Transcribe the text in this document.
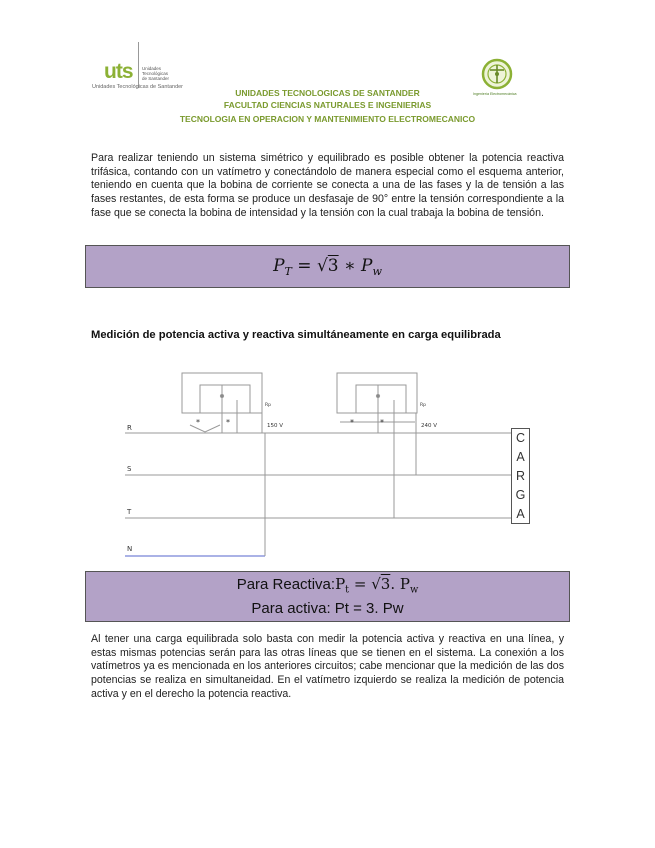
uts Unidades
Tecnológicas
de Santander
Unidades Tecnológicas de Santander
UNIDADES TECNOLOGICAS DE SANTANDER
FACULTAD CIENCIAS NATURALES E INGENIERIAS
TECNOLOGIA EN OPERACION Y MANTENIMIENTO ELECTROMECANICO
Ingeniería Electromecánica
Para realizar teniendo un sistema simétrico y equilibrado es posible obtener la potencia reactiva trifásica, contando con un vatímetro y conectándolo de manera especial como el esquema anterior, teniendo en cuenta que la bobina de corriente se conecta a una de las fases y la de tensión a las fases restantes, de esta forma se produce un desfasaje de 90° entre la tensión correspondiente a la fase que se conecta la bobina de intensidad y la tensión con la cual trabaja la bobina de tensión.
$P_T = √3$ ∗ $P_w$
Medición de potencia activa y reactiva simultáneamente en carga equilibrada
R
S
T
N
150 V	240 V
Rp	Rp
*	*	*	*
C
A
R
G
A
Para $Reactiva:P_t = √3$. $P_w$
Para activa: Pt = 3. Pw
Al tener una carga equilibrada solo basta con medir la potencia activa y reactiva en una línea, y estas mismas potencias serán para las otras líneas que se tienen en el sistema. La conexión a los vatímetros ya es mencionada en los anteriores circuitos; cabe mencionar que la medición de las dos potencias se realiza en simultaneidad. En el vatímetro izquierdo se realiza la medición de potencia activa y en el derecho la potencia reactiva.
